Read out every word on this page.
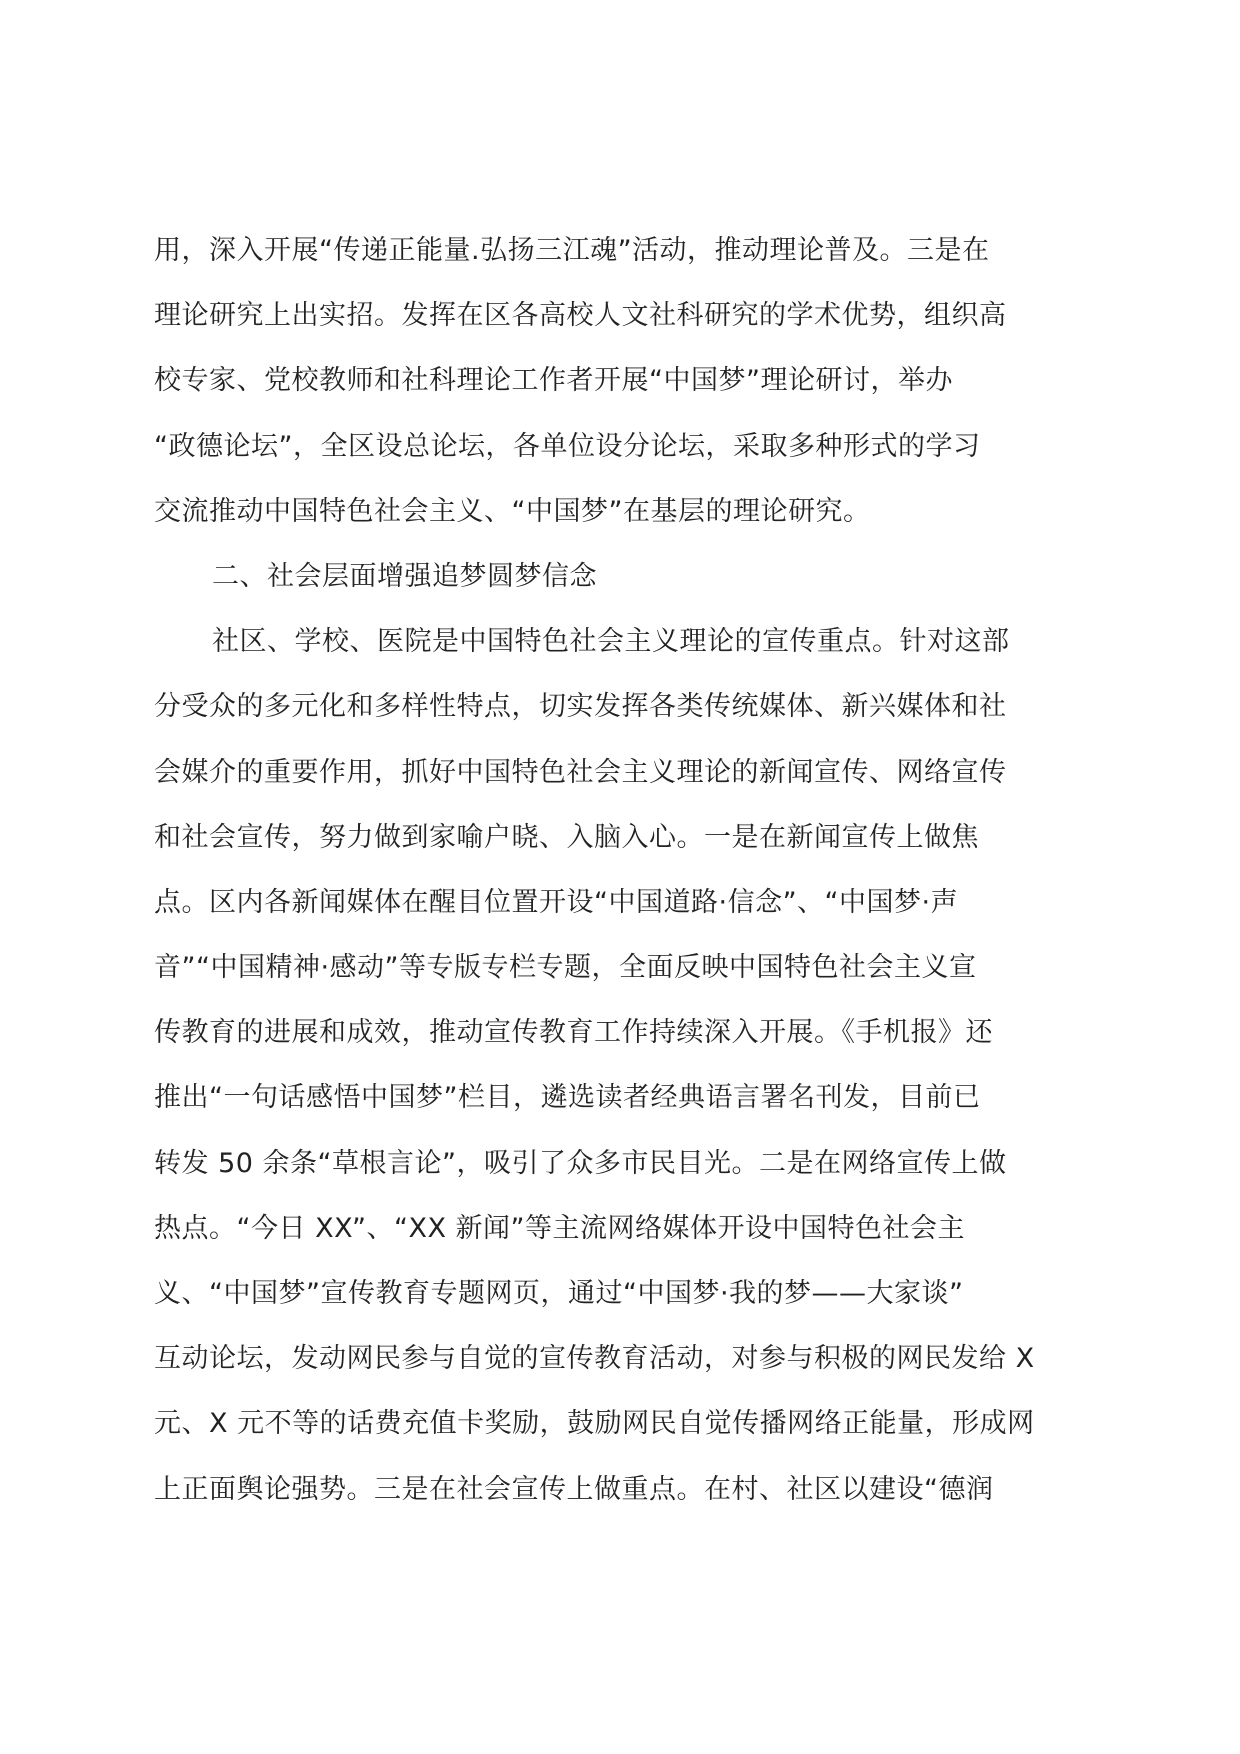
用，深入开展“传递正能量.弘扬三江魂”活动，推动理论普及。三是在
理论研究上出实招。发挥在区各高校人文社科研究的学术优势，组织高
校专家、党校教师和社科理论工作者开展“中国梦”理论研讨，举办
“政德论坛”，全区设总论坛，各单位设分论坛，采取多种形式的学习
交流推动中国特色社会主义、“中国梦”在基层的理论研究。
二、社会层面增强追梦圆梦信念
社区、学校、医院是中国特色社会主义理论的宣传重点。针对这部
分受众的多元化和多样性特点，切实发挥各类传统媒体、新兴媒体和社
会媒介的重要作用，抓好中国特色社会主义理论的新闻宣传、网络宣传
和社会宣传，努力做到家喻户晓、入脑入心。一是在新闻宣传上做焦
点。区内各新闻媒体在醒目位置开设“中国道路·信念”、“中国梦·声
音”“中国精神·感动”等专版专栏专题，全面反映中国特色社会主义宣
传教育的进展和成效，推动宣传教育工作持续深入开展。《手机报》还
推出“一句话感悟中国梦”栏目，遴选读者经典语言署名刊发，目前已
转发 50 余条“草根言论”，吸引了众多市民目光。二是在网络宣传上做
热点。“今日 XX”、“XX 新闻”等主流网络媒体开设中国特色社会主
义、“中国梦”宣传教育专题网页，通过“中国梦·我的梦——大家谈”
互动论坛，发动网民参与自觉的宣传教育活动，对参与积极的网民发给 X
元、X 元不等的话费充值卡奖励，鼓励网民自觉传播网络正能量，形成网
上正面舆论强势。三是在社会宣传上做重点。在村、社区以建设“德润
